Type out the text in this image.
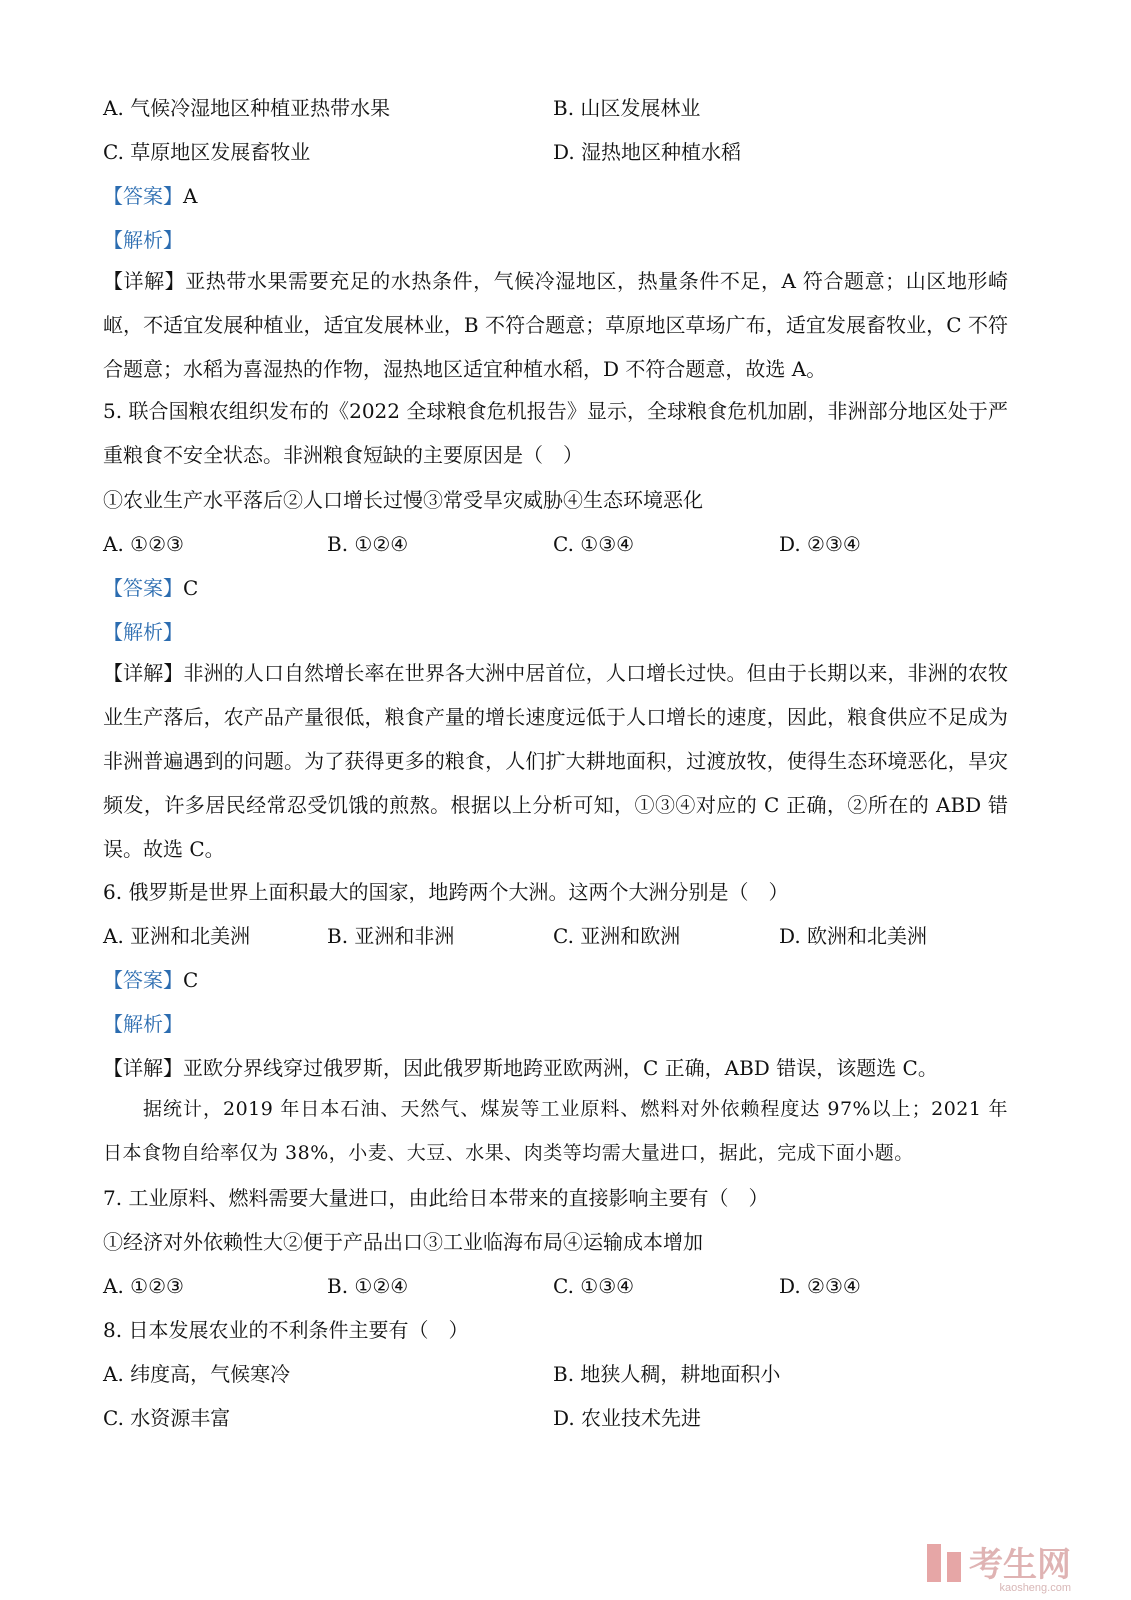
A. 气候冷湿地区种植亚热带水果	B. 山区发展林业
C. 草原地区发展畜牧业	D. 湿热地区种植水稻
【答案】A
【解析】
【详解】亚热带水果需要充足的水热条件，气候冷湿地区，热量条件不足，A 符合题意；山区地形崎岖，不适宜发展种植业，适宜发展林业，B 不符合题意；草原地区草场广布，适宜发展畜牧业，C 不符合题意；水稻为喜湿热的作物，湿热地区适宜种植水稻，D 不符合题意，故选 A。
5. 联合国粮农组织发布的《2022 全球粮食危机报告》显示，全球粮食危机加剧，非洲部分地区处于严重粮食不安全状态。非洲粮食短缺的主要原因是（　）
①农业生产水平落后②人口增长过慢③常受旱灾威胁④生态环境恶化
A. ①②③	B. ①②④	C. ①③④	D. ②③④
【答案】C
【解析】
【详解】非洲的人口自然增长率在世界各大洲中居首位，人口增长过快。但由于长期以来，非洲的农牧业生产落后，农产品产量很低，粮食产量的增长速度远低于人口增长的速度，因此，粮食供应不足成为非洲普遍遇到的问题。为了获得更多的粮食，人们扩大耕地面积，过渡放牧，使得生态环境恶化，旱灾频发，许多居民经常忍受饥饿的煎熬。根据以上分析可知，①③④对应的 C 正确，②所在的 ABD 错误。故选 C。
6. 俄罗斯是世界上面积最大的国家，地跨两个大洲。这两个大洲分别是（　）
A. 亚洲和北美洲	B. 亚洲和非洲	C. 亚洲和欧洲	D. 欧洲和北美洲
【答案】C
【解析】
【详解】亚欧分界线穿过俄罗斯，因此俄罗斯地跨亚欧两洲，C 正确，ABD 错误，该题选 C。
据统计，2019 年日本石油、天然气、煤炭等工业原料、燃料对外依赖程度达 97%以上；2021 年日本食物自给率仅为 38%，小麦、大豆、水果、肉类等均需大量进口，据此，完成下面小题。
7. 工业原料、燃料需要大量进口，由此给日本带来的直接影响主要有（　）
①经济对外依赖性大②便于产品出口③工业临海布局④运输成本增加
A. ①②③	B. ①②④	C. ①③④	D. ②③④
8. 日本发展农业的不利条件主要有（　）
A. 纬度高，气候寒冷	B. 地狭人稠，耕地面积小
C. 水资源丰富	D. 农业技术先进
考生网
kaosheng.com
